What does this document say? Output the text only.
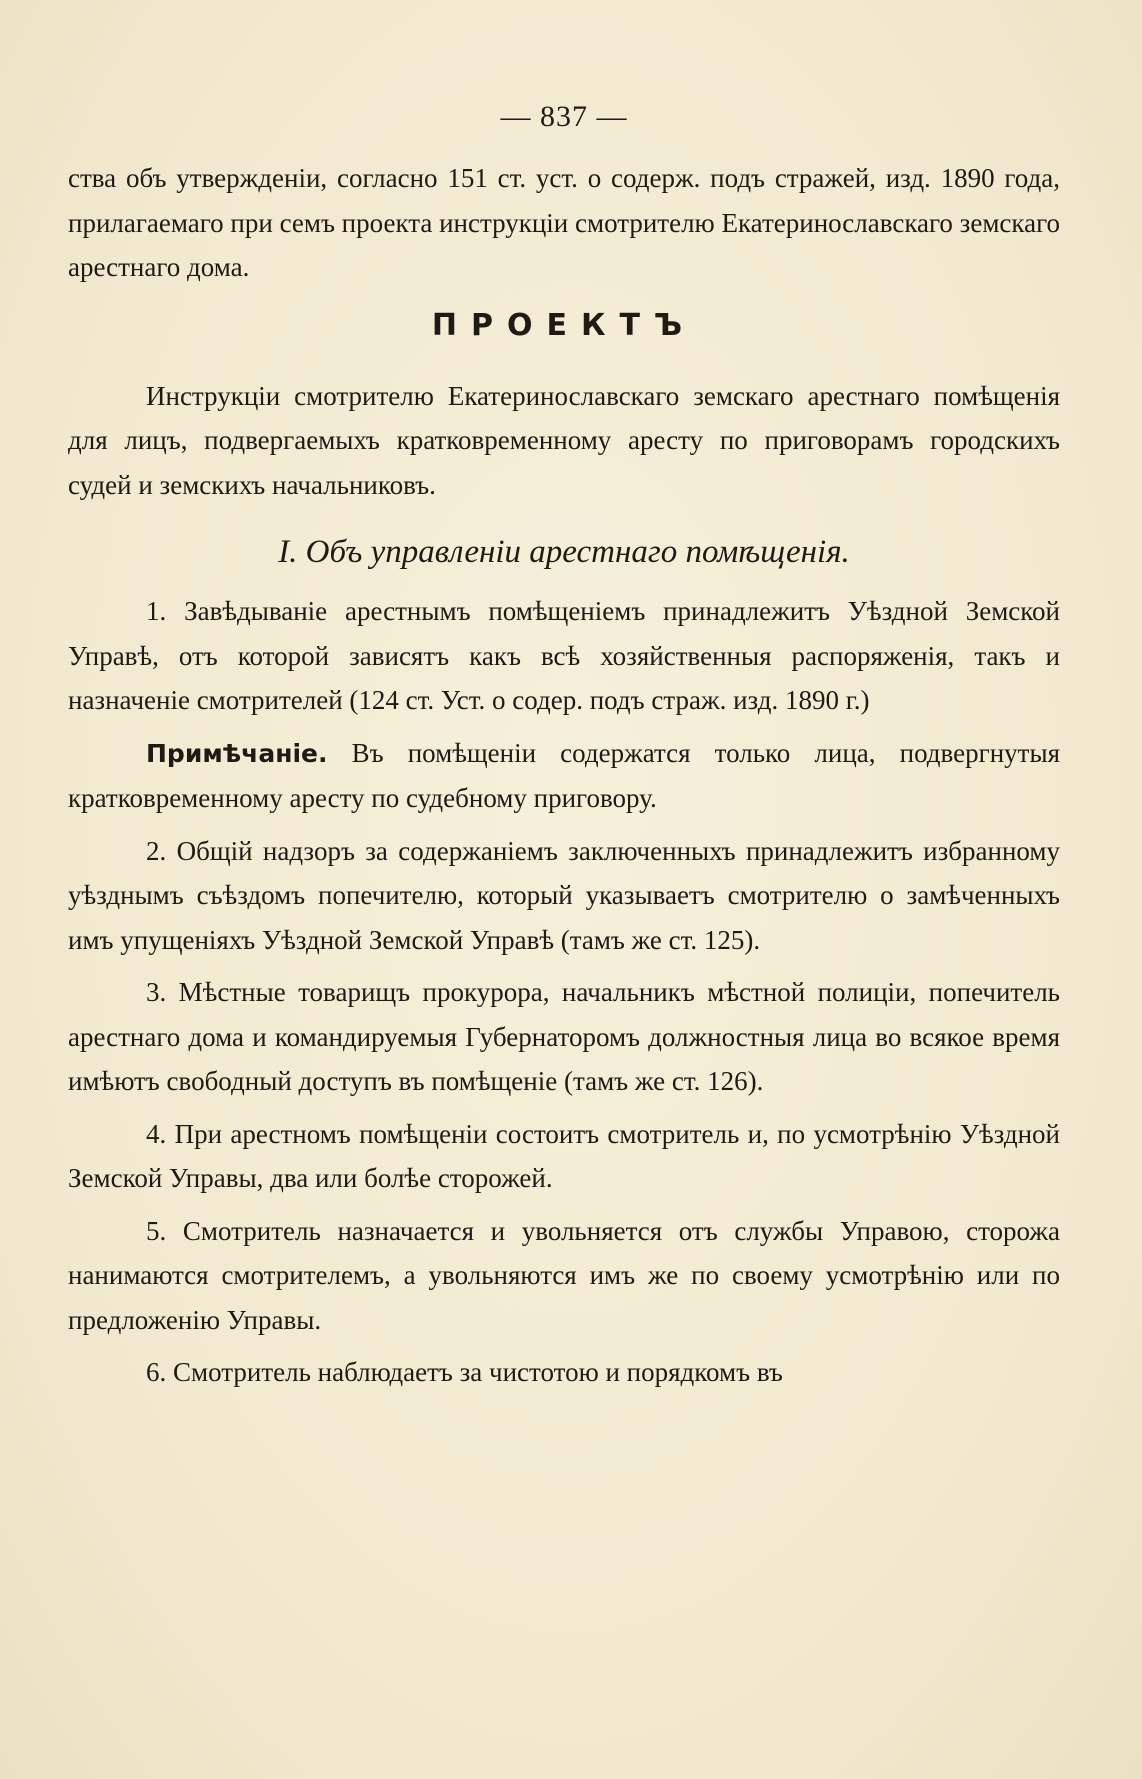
— 837 —

ства объ утвержденіи, согласно 151 ст. уст. о содерж. подъ стражей, изд. 1890 года, прилагаемаго при семъ проекта инструкціи смотрителю Екатеринославскаго земскаго арестнаго дома.

ПРОЕКТЪ

Инструкціи смотрителю Екатеринославскаго земскаго арестнаго помѣщенія для лицъ, подвергаемыхъ кратковременному аресту по приговорамъ городскихъ судей и земскихъ начальниковъ.

I. Объ управленіи арестнаго помѣщенія.

1. Завѣдываніе арестнымъ помѣщеніемъ принадлежитъ Уѣздной Земской Управѣ, отъ которой зависятъ какъ всѣ хозяйственныя распоряженія, такъ и назначеніе смотрителей (124 ст. Уст. о содер. подъ страж. изд. 1890 г.)

Примѣчаніе. Въ помѣщеніи содержатся только лица, подвергнутыя кратковременному аресту по судебному приговору.

2. Общій надзоръ за содержаніемъ заключенныхъ принадлежитъ избранному уѣзднымъ съѣздомъ попечителю, который указываетъ смотрителю о замѣченныхъ имъ упущеніяхъ Уѣздной Земской Управѣ (тамъ же ст. 125).

3. Мѣстные товарищъ прокурора, начальникъ мѣстной полиціи, попечитель арестнаго дома и командируемыя Губернаторомъ должностныя лица во всякое время имѣютъ свободный доступъ въ помѣщеніе (тамъ же ст. 126).

4. При арестномъ помѣщеніи состоитъ смотритель и, по усмотрѣнію Уѣздной Земской Управы, два или болѣе сторожей.

5. Смотритель назначается и увольняется отъ службы Управою, сторожа нанимаются смотрителемъ, а увольняются имъ же по своему усмотрѣнію или по предложенію Управы.

6. Смотритель наблюдаетъ за чистотою и порядкомъ въ
